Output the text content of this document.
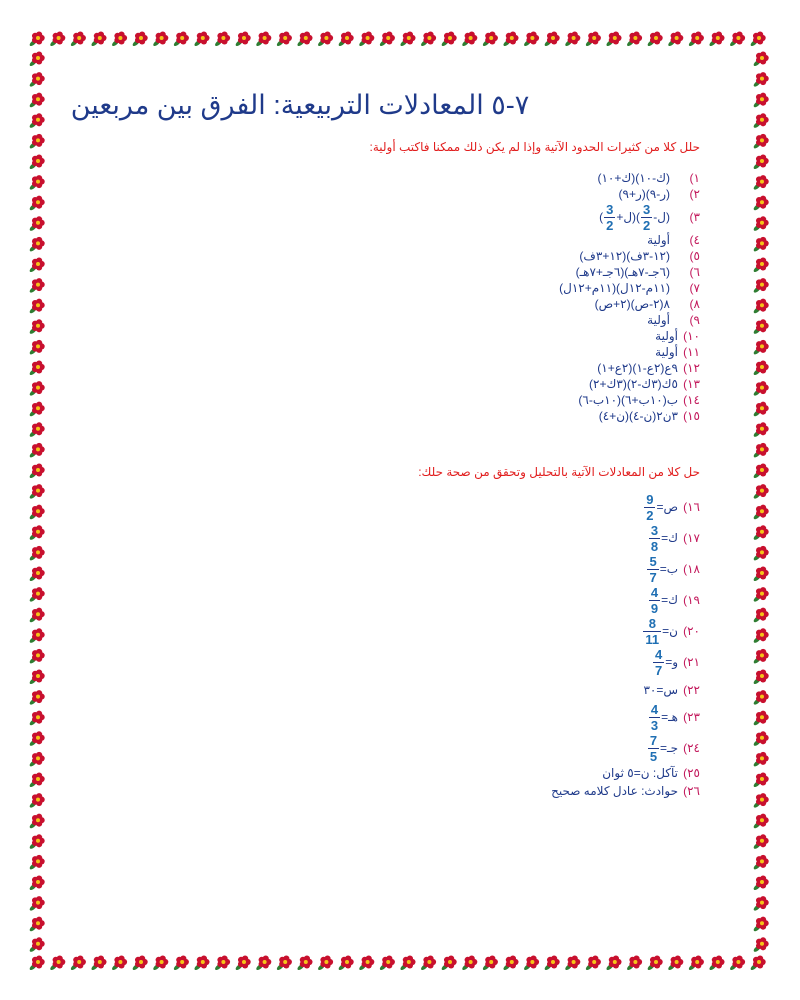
٧-٥ المعادلات التربيعية: الفرق بين مربعين

حلل كلا من كثيرات الحدود الآتية وإذا لم يكن ذلك ممكنا فاكتب أولية:

١)
(ك-١٠)(ك+١٠)
٢)
(ر-٩)(ر+٩)
٣)
(ل-
$\frac{3}{2}$
)(ل+
$\frac{3}{2}$
)
٤)
أولية
٥)
(١٢-٣ف)(١٢+٣ف)
٦)
(٦جـ-٧هـ)(٦جـ+٧هـ)
٧)
(١١م-١٢ل)(١١م+١٢ل)
٨)
٨(٢-ص)(٢+ص)
٩)
أولية
١٠)
أولية
١١)
أولية
١٢)
٩ع(٢ع-١)(٢ع+١)
١٣)
٥ك(٣ك-٢)(٣ك+٢)
١٤)
ب(١٠ب+٦)(١٠ب-٦)
١٥)
٣ن٢(ن-٤)(ن+٤)

حل كلا من المعادلات الآتية بالتحليل وتحقق من صحة حلك:

١٦)
ص=
$\frac{9}{2}$
١٧)
ك=
$\frac{3}{8}$
١٨)
ب=
$\frac{5}{7}$
١٩)
ك=
$\frac{4}{9}$
٢٠)
ن=
$\frac{8}{11}$
٢١)
و=
$\frac{4}{7}$
٢٢)
س=٣٠
٢٣)
هـ=
$\frac{4}{3}$
٢٤)
جـ=
$\frac{7}{5}$
٢٥)
تآكل: ن=٥ ثوان
٢٦)
حوادث: عادل كلامه صحيح
